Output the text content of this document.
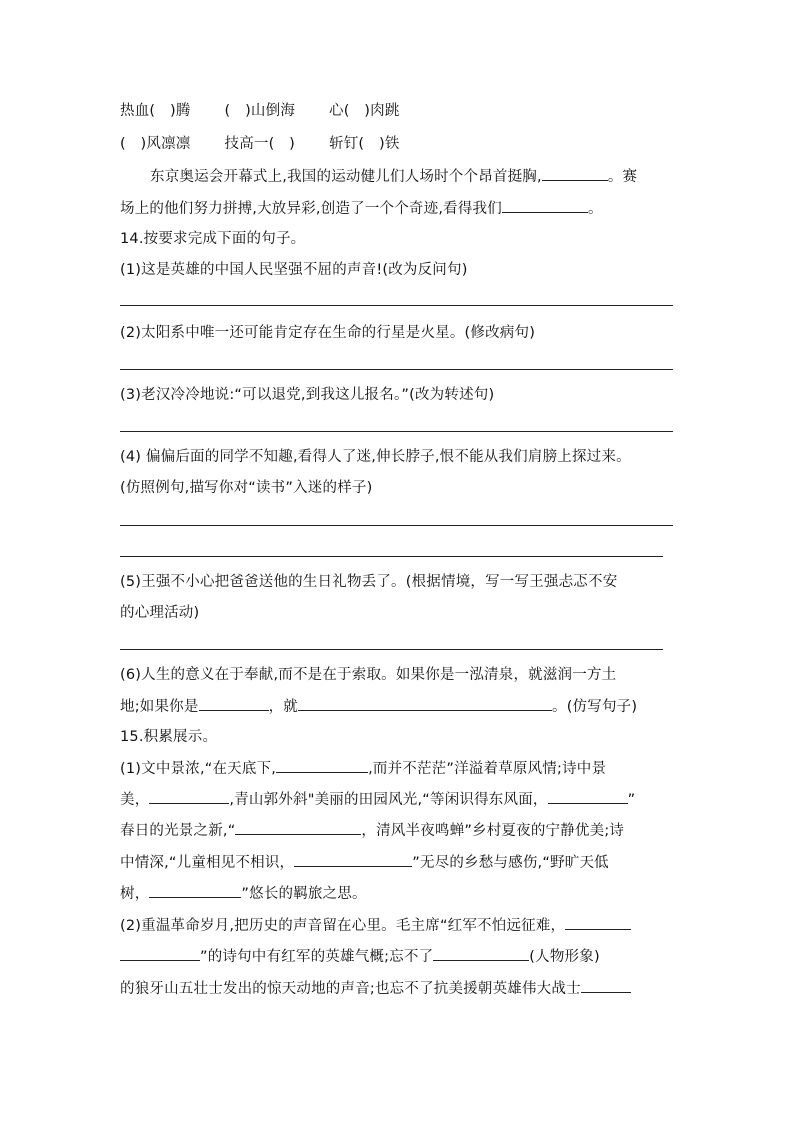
热血(　)腾 (　)山倒海 心(　)肉跳
(　)风凛凛 技高一(　) 斩钉(　)铁
东京奥运会开幕式上,我国的运动健儿们人场时个个昂首挺胸,	。赛
场上的他们努力拼搏,大放异彩,创造了一个个奇迹,看得我们	。
14.按要求完成下面的句子。
(1)这是英雄的中国人民坚强不屈的声音!(改为反问句)
(2)太阳系中唯一还可能肯定存在生命的行星是火星。(修改病句)
(3)老汉冷冷地说:“可以退党,到我这儿报名。”(改为转述句)
(4) 偏偏后面的同学不知趣,看得人了迷,伸长脖子,恨不能从我们肩膀上探过来。
(仿照例句,描写你对“读书”入迷的样子)
(5)王强不小心把爸爸送他的生日礼物丢了。(根据情境，写一写王强忐忑不安
的心理活动)
(6)人生的意义在于奉献,而不是在于索取。如果你是一泓清泉，就滋润一方土
地;如果你是	，就	。(仿写句子)
15.积累展示。
(1)文中景浓,“在天底下,	,而并不茫茫”洋溢着草原风情;诗中景
美，	,青山郭外斜"美丽的田园风光,“等闲识得东风面，	”
春日的光景之新,“	，清风半夜鸣蝉”乡村夏夜的宁静优美;诗
中情深,“儿童相见不相识，	”无尽的乡愁与感伤,“野旷天低
树，	”悠长的羁旅之思。
(2)重温革命岁月,把历史的声音留在心里。毛主席“红军不怕远征难，
”的诗句中有红军的英雄气概;忘不了	(人物形象)
的狼牙山五壮士发出的惊天动地的声音;也忘不了抗美援朝英雄伟大战士
